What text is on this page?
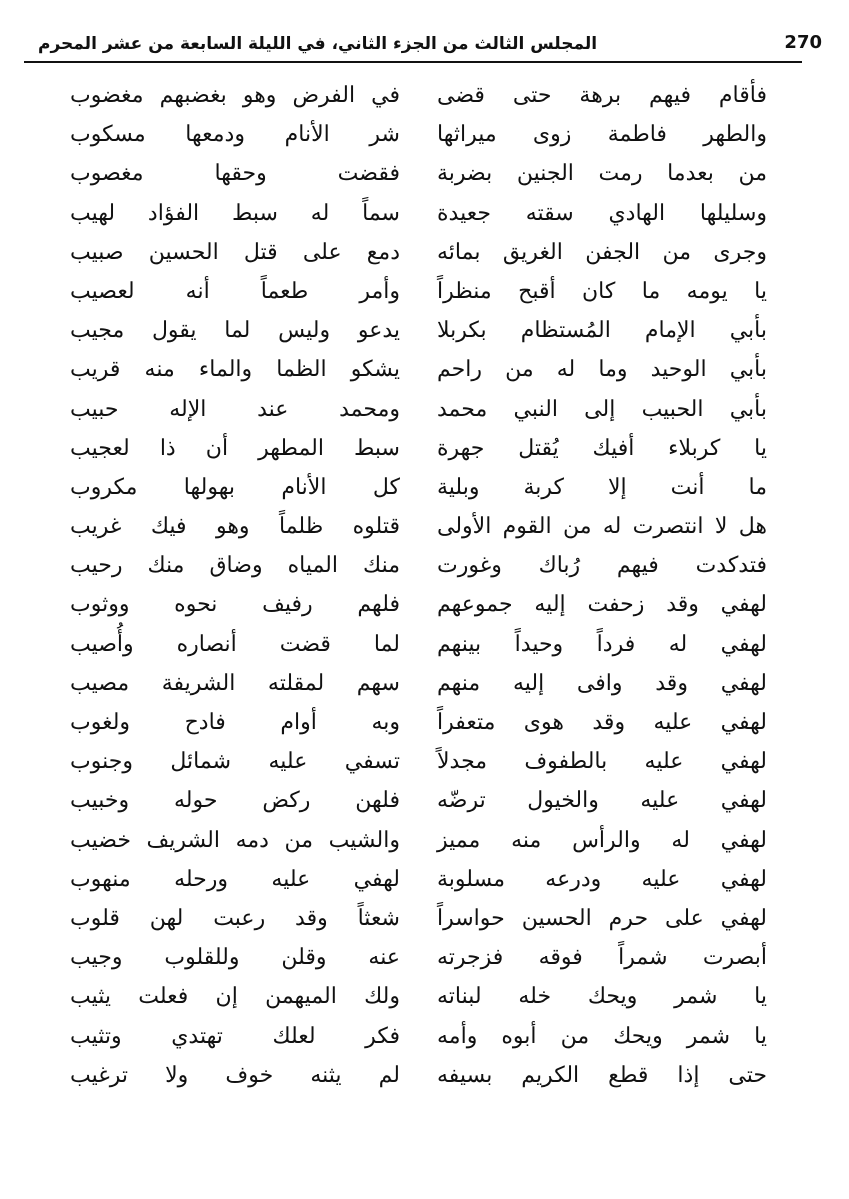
270
المجلس الثالث من الجزء الثاني، في الليلة السابعة من عشر المحرم
فأقام فيهم برهة حتى قضى
في الفرض وهو بغضبهم مغضوب
والطهر فاطمة زوى ميراثها
شر الأنام ودمعها مسكوب
من بعدما رمت الجنين بضربة
فقضت وحقها مغصوب
وسليلها الهادي سقته جعيدة
سماً له سبط الفؤاد لهيب
وجرى من الجفن الغريق بمائه
دمع على قتل الحسين صبيب
يا يومه ما كان أقبح منظراً
وأمر طعماً أنه لعصيب
بأبي الإمام المُستظام بكربلا
يدعو وليس لما يقول مجيب
بأبي الوحيد وما له من راحم
يشكو الظما والماء منه قريب
بأبي الحبيب إلى النبي محمد
ومحمد عند الإله حبيب
يا كربلاء أفيك يُقتل جهرة
سبط المطهر أن ذا لعجيب
ما أنت إلا كربة وبلية
كل الأنام بهولها مكروب
هل لا انتصرت له من القوم الأولى
قتلوه ظلماً وهو فيك غريب
فتدكدت فيهم رُباك وغورت
منك المياه وضاق منك رحيب
لهفي وقد زحفت إليه جموعهم
فلهم رفيف نحوه ووثوب
لهفي له فرداً وحيداً بينهم
لما قضت أنصاره وأُصيب
لهفي وقد وافى إليه منهم
سهم لمقلته الشريفة مصيب
لهفي عليه وقد هوى متعفراً
وبه أوام فادح ولغوب
لهفي عليه بالطفوف مجدلاً
تسفي عليه شمائل وجنوب
لهفي عليه والخيول ترضّه
فلهن ركض حوله وخبيب
لهفي له والرأس منه مميز
والشيب من دمه الشريف خضيب
لهفي عليه ودرعه مسلوبة
لهفي عليه ورحله منهوب
لهفي على حرم الحسين حواسراً
شعثاً وقد رعبت لهن قلوب
أبصرت شمراً فوقه فزجرته
عنه وقلن وللقلوب وجيب
يا شمر ويحك خله لبناته
ولك الميهمن إن فعلت يثيب
يا شمر ويحك من أبوه وأمه
فكر لعلك تهتدي وتثيب
حتى إذا قطع الكريم بسيفه
لم يثنه خوف ولا ترغيب
